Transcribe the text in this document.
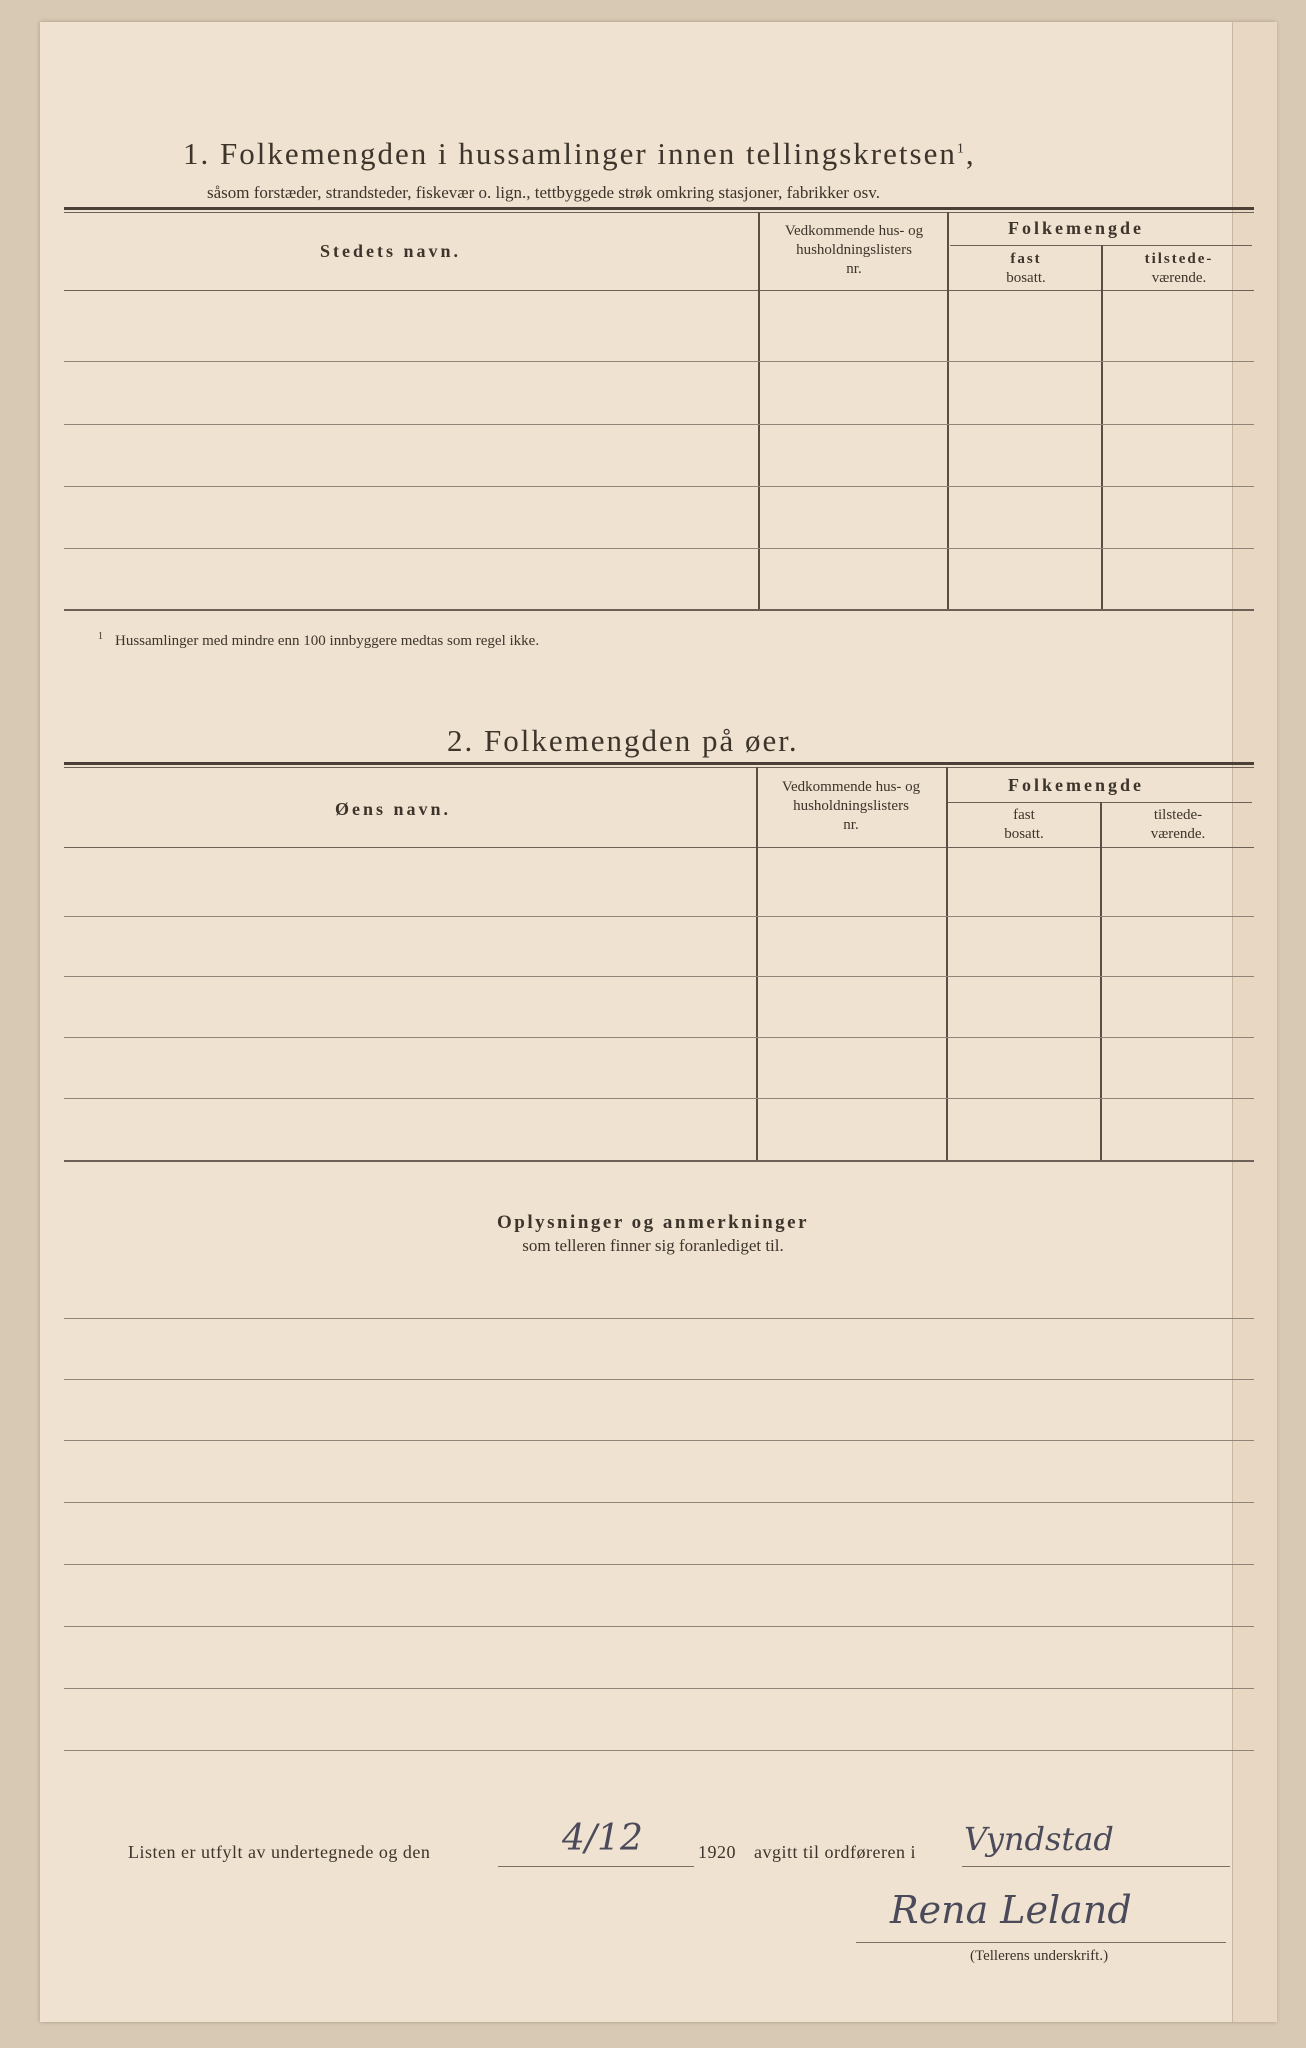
1. Folkemengden i hussamlinger innen tellingskretsen$^1$,
såsom forstæder, strandsteder, fiskevær o. lign., tettbyggede strøk omkring stasjoner, fabrikker osv.
Stedets navn.
Vedkommende hus- og
husholdningslisters
nr.
Folkemengde
fast
bosatt.
tilstede-
værende.
$^1$ Hussamlinger med mindre enn 100 innbyggere medtas som regel ikke.
2. Folkemengden på øer.
Øens navn.
Vedkommende hus- og
husholdningslisters
nr.
Folkemengde
fast
bosatt.
tilstede-
værende.
Oplysninger og anmerkninger
som telleren finner sig foranlediget til.
Listen er utfylt av undertegnede og den	4/12	1920 avgitt til ordføreren i Vyndstad
Rena Leland
(Tellerens underskrift.)
